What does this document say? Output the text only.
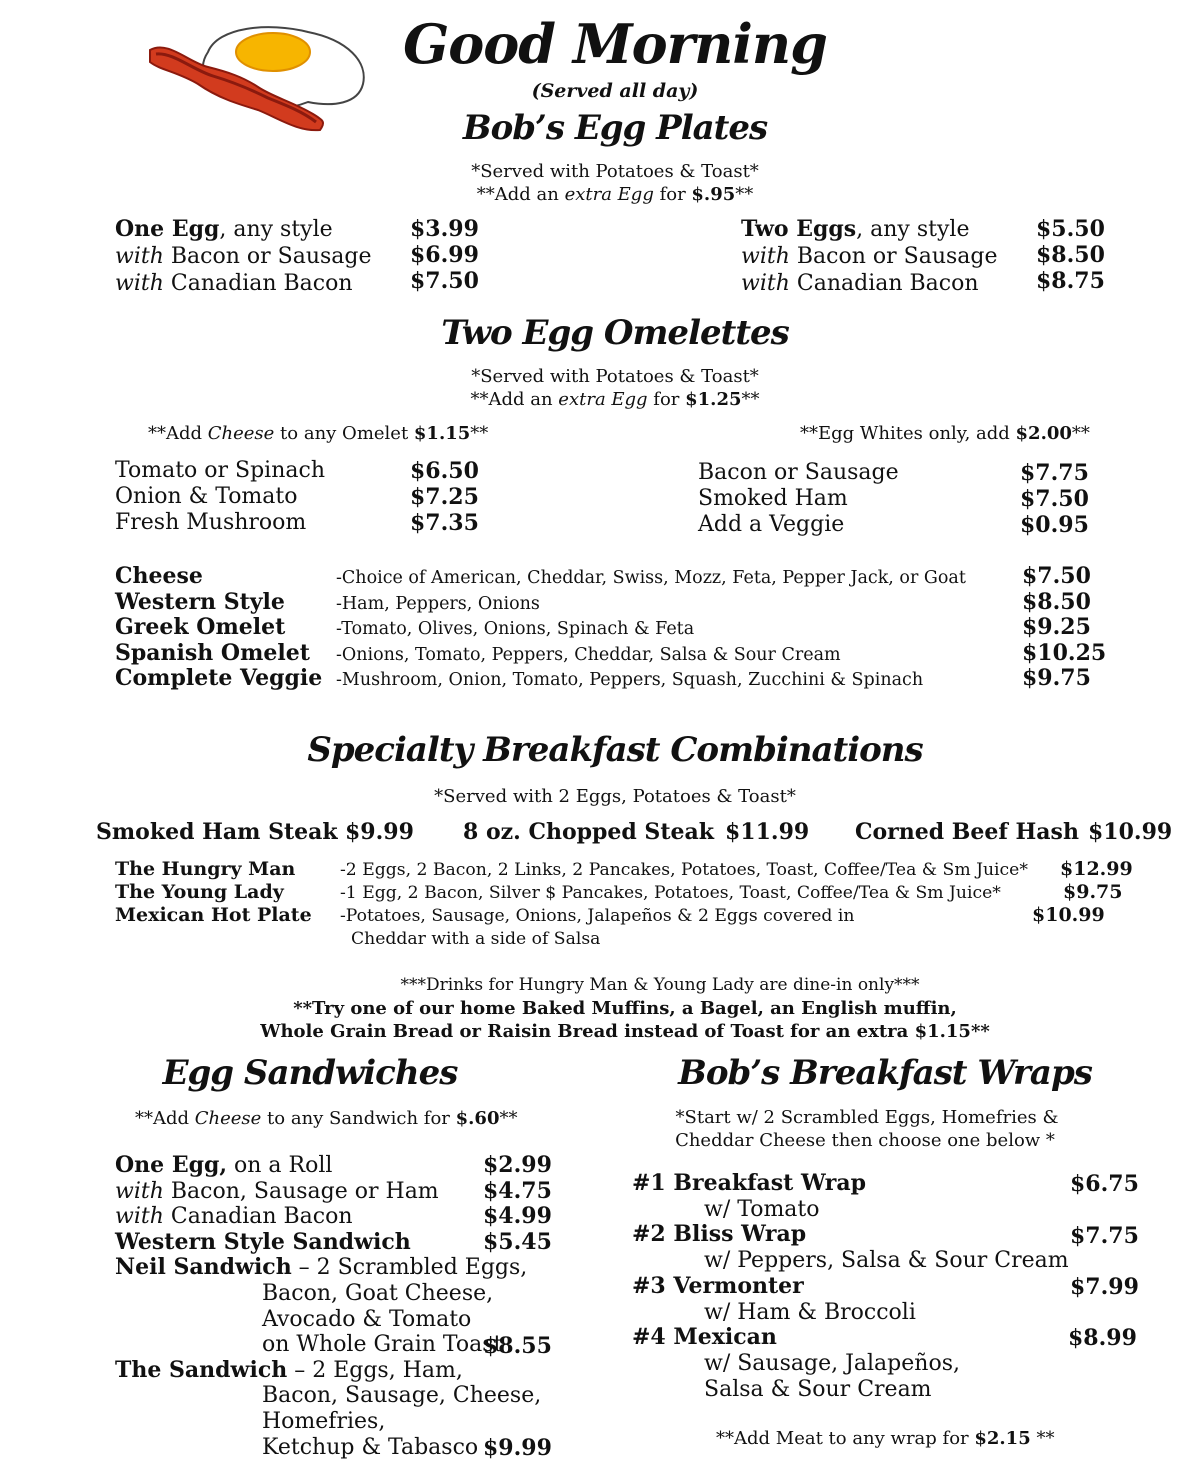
Good Morning
(Served all day)
Bob’s Egg Plates
*Served with Potatoes & Toast*
**Add an extra Egg for $.95**
One Egg, any style
with Bacon or Sausage
with Canadian Bacon
$3.99
$6.99
$7.50
Two Eggs, any style
with Bacon or Sausage
with Canadian Bacon
$5.50
$8.50
$8.75
Two Egg Omelettes
*Served with Potatoes & Toast*
**Add an extra Egg for $1.25**
**Add Cheese to any Omelet $1.15**	**Egg Whites only, add $2.00**
Tomato or Spinach
Onion & Tomato
Fresh Mushroom
$6.50
$7.25
$7.35
Bacon or Sausage
Smoked Ham
Add a Veggie
$7.75
$7.50
$0.95
Cheese
Western Style
Greek Omelet
Spanish Omelet
Complete Veggie
-Choice of American, Cheddar, Swiss, Mozz, Feta, Pepper Jack, or Goat
-Ham, Peppers, Onions
-Tomato, Olives, Onions, Spinach & Feta
-Onions, Tomato, Peppers, Cheddar, Salsa & Sour Cream
-Mushroom, Onion, Tomato, Peppers, Squash, Zucchini & Spinach
$7.50
$8.50
$9.25
$10.25
$9.75
Specialty Breakfast Combinations
*Served with 2 Eggs, Potatoes & Toast*
Smoked Ham Steak $9.99 8 oz. Chopped Steak $11.99 Corned Beef Hash $10.99
The Hungry Man
The Young Lady
Mexican Hot Plate
-2 Eggs, 2 Bacon, 2 Links, 2 Pancakes, Potatoes, Toast, Coffee/Tea & Sm Juice*
-1 Egg, 2 Bacon, Silver $ Pancakes, Potatoes, Toast, Coffee/Tea & Sm Juice*
-Potatoes, Sausage, Onions, Jalapeños & 2 Eggs covered in
Cheddar with a side of Salsa
$12.99
$9.75
$10.99
***Drinks for Hungry Man & Young Lady are dine-in only***
**Try one of our home Baked Muffins, a Bagel, an English muffin,
Whole Grain Bread or Raisin Bread instead of Toast for an extra $1.15**
Egg Sandwiches
**Add Cheese to any Sandwich for $.60**
One Egg, on a Roll
with Bacon, Sausage or Ham
with Canadian Bacon
Western Style Sandwich
Neil Sandwich – 2 Scrambled Eggs,
Bacon, Goat Cheese,
Avocado & Tomato
on Whole Grain Toast
The Sandwich – 2 Eggs, Ham,
Bacon, Sausage, Cheese,
Homefries,
Ketchup & Tabasco
$2.99
$4.75
$4.99
$5.45
$8.55
$9.99
Bob’s Breakfast Wraps
*Start w/ 2 Scrambled Eggs, Homefries &
Cheddar Cheese then choose one below *
#1 Breakfast Wrap
w/ Tomato
#2 Bliss Wrap
w/ Peppers, Salsa & Sour Cream
#3 Vermonter
w/ Ham & Broccoli
#4 Mexican
w/ Sausage, Jalapeños,
Salsa & Sour Cream
$6.75
$7.75
$7.99
$8.99
**Add Meat to any wrap for $2.15 **
